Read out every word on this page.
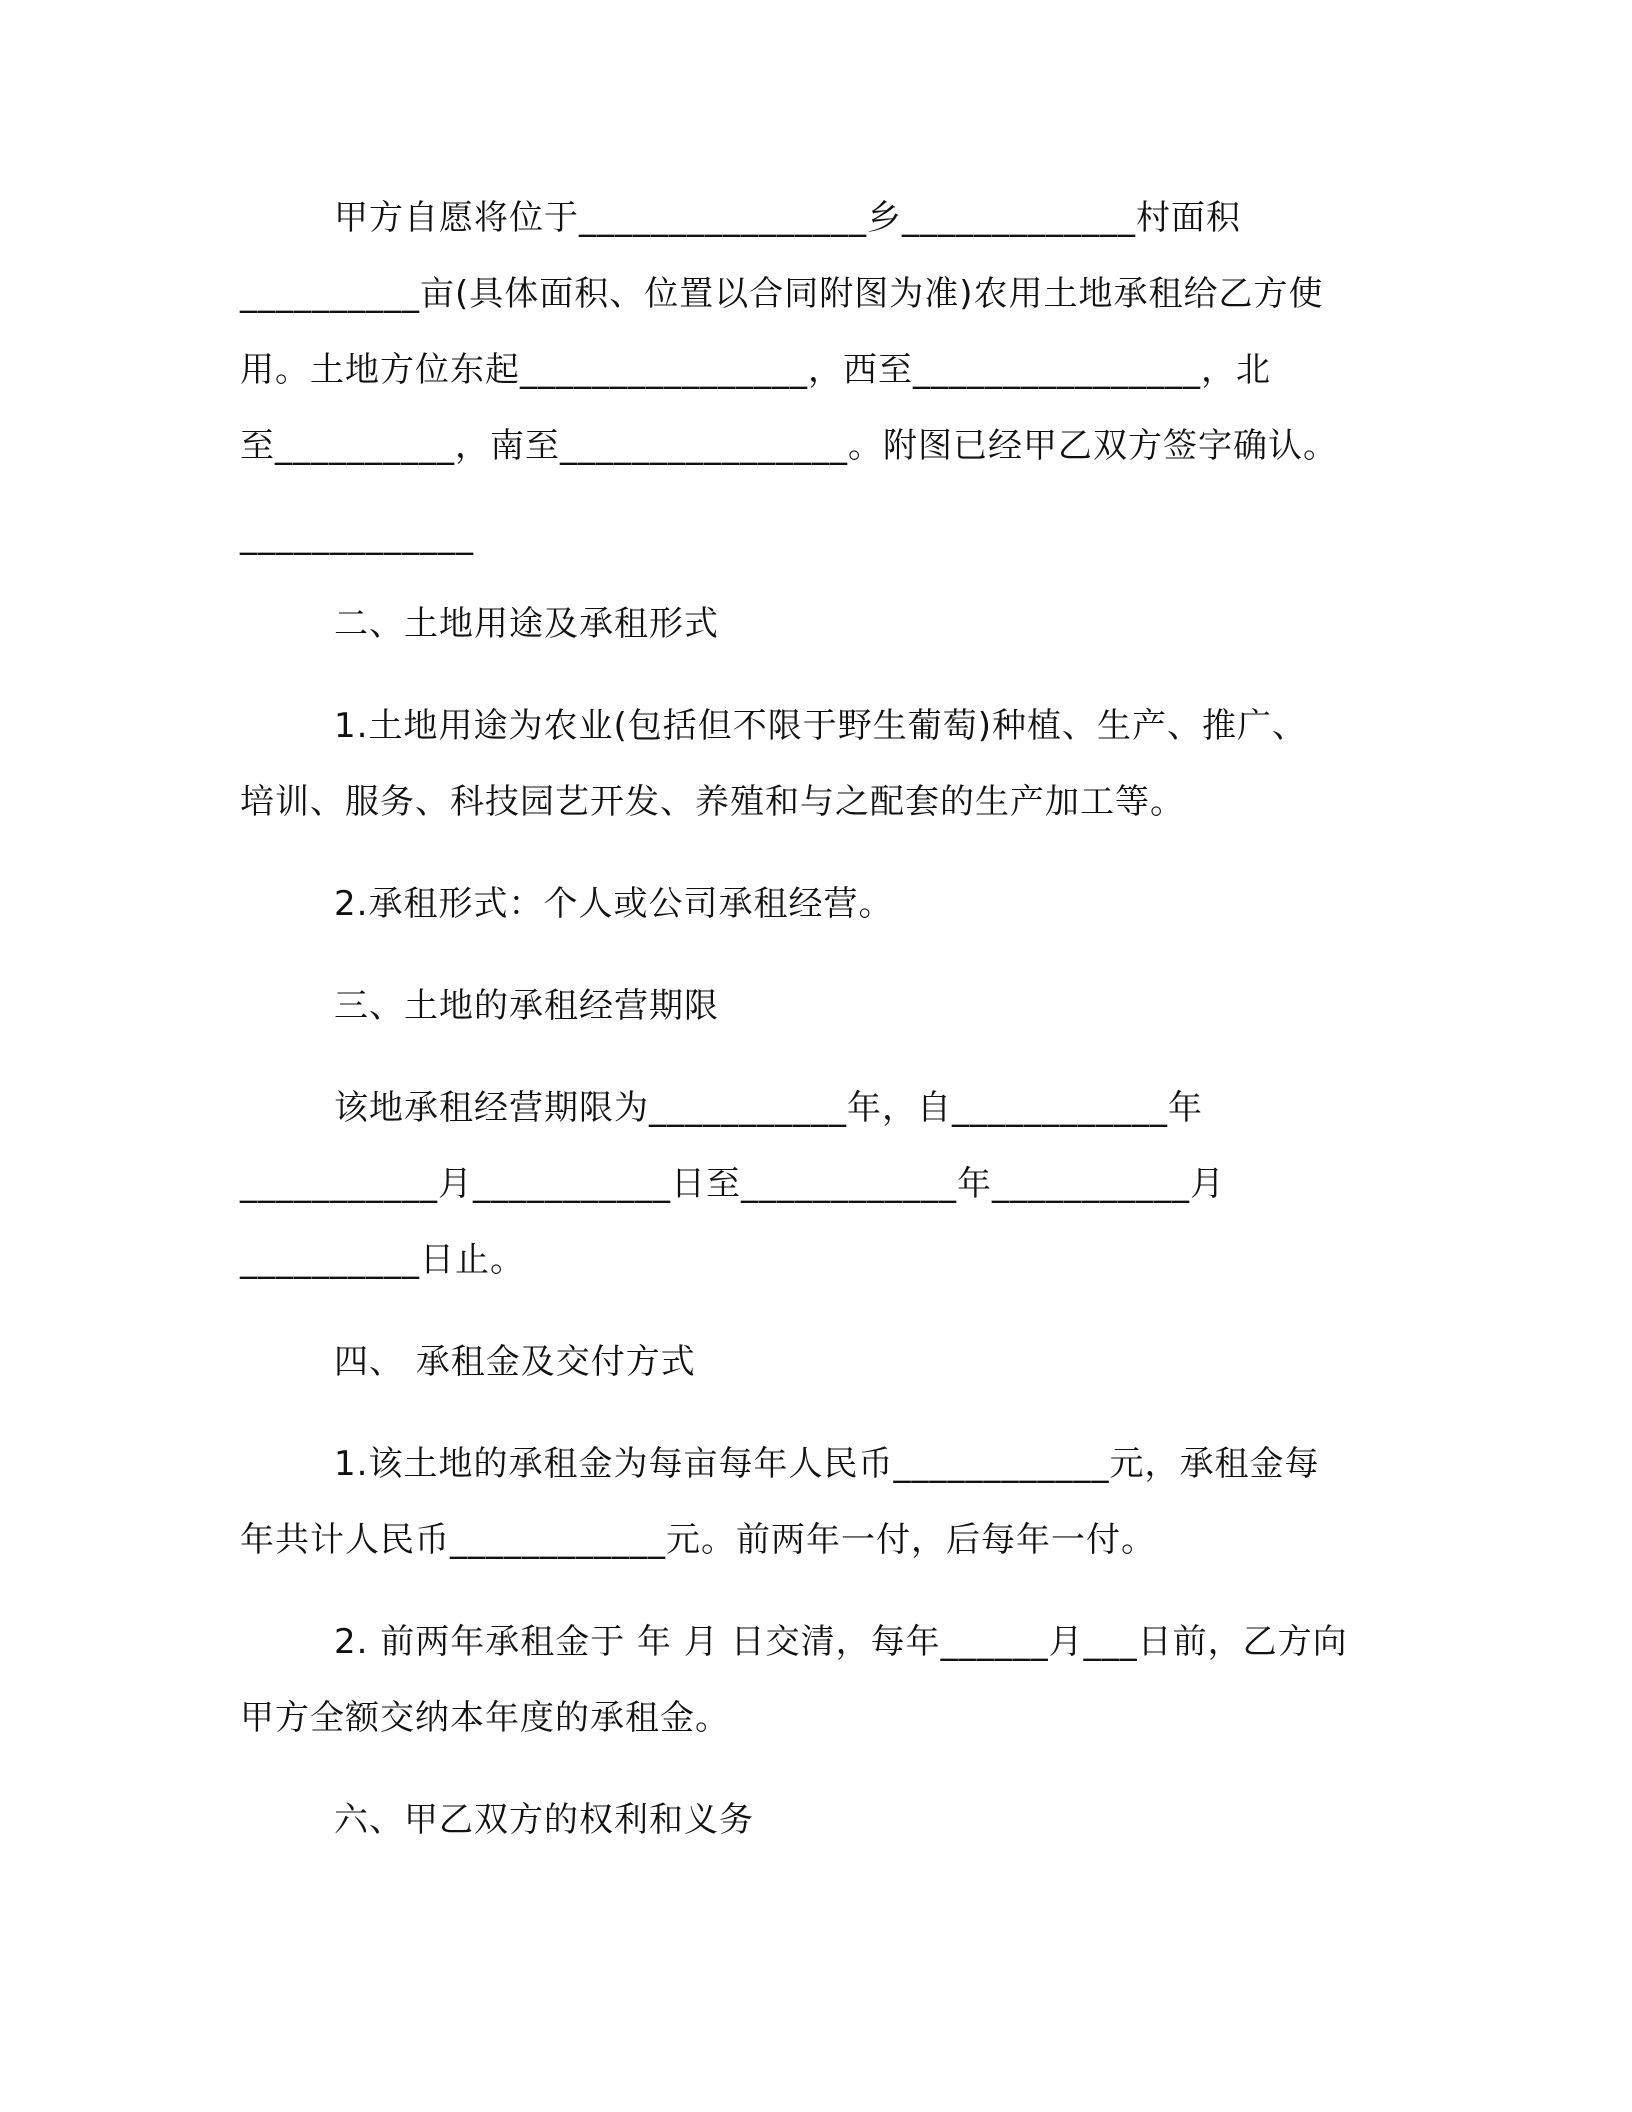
甲方自愿将位于________________乡_____________村面积

__________亩(具体面积、位置以合同附图为准)农用土地承租给乙方使

用。土地方位东起________________，西至________________，北

至__________，南至________________。附图已经甲乙双方签字确认。

_____________

二、土地用途及承租形式

1.土地用途为农业(包括但不限于野生葡萄)种植、生产、推广、

培训、服务、科技园艺开发、养殖和与之配套的生产加工等。

2.承租形式：个人或公司承租经营。

三、土地的承租经营期限

该地承租经营期限为___________年，自____________年

___________月___________日至____________年___________月

__________日止。

四、 承租金及交付方式

1.该土地的承租金为每亩每年人民币____________元，承租金每

年共计人民币____________元。前两年一付，后每年一付。

2. 前两年承租金于 年 月 日交清，每年______月___日前，乙方向

甲方全额交纳本年度的承租金。

六、甲乙双方的权利和义务
